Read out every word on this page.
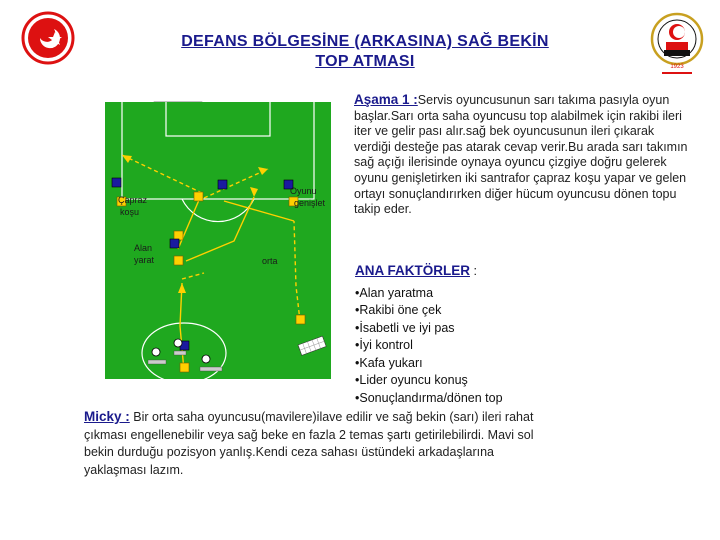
1923
DEFANS BÖLGESİNE (ARKASINA) SAĞ BEKİN
TOP ATMASI
Çapraz
koşu
Alan
yarat
Oyunu
genişlet
orta
Aşama 1 :Servis oyuncusunun sarı takıma pasıyla oyun başlar.Sarı orta saha oyuncusu top alabilmek için rakibi ileri iter ve gelir pası alır.sağ bek oyuncusunun ileri çıkarak verdiği desteğe pas atarak cevap verir.Bu arada sarı takımın sağ açığı ilerisinde oynaya oyuncu çizgiye doğru gelerek oyunu genişletirken iki santrafor çapraz koşu yapar ve gelen ortayı sonuçlandırırken diğer hücum oyuncusu dönen topu takip eder.
ANA FAKTÖRLER :
•Alan yaratma
•Rakibi öne çek
•İsabetli ve iyi pas
•İyi kontrol
•Kafa yukarı
•Lider oyuncu konuş
•Sonuçlandırma/dönen top
Micky : Bir orta saha oyuncusu(mavilere)ilave edilir ve sağ bekin (sarı) ileri rahat çıkması engellenebilir veya sağ beke en fazla 2 temas şartı getirilebilirdi. Mavi sol bekin durduğu pozisyon yanlış.Kendi ceza sahası üstündeki arkadaşlarına yaklaşması lazım.
